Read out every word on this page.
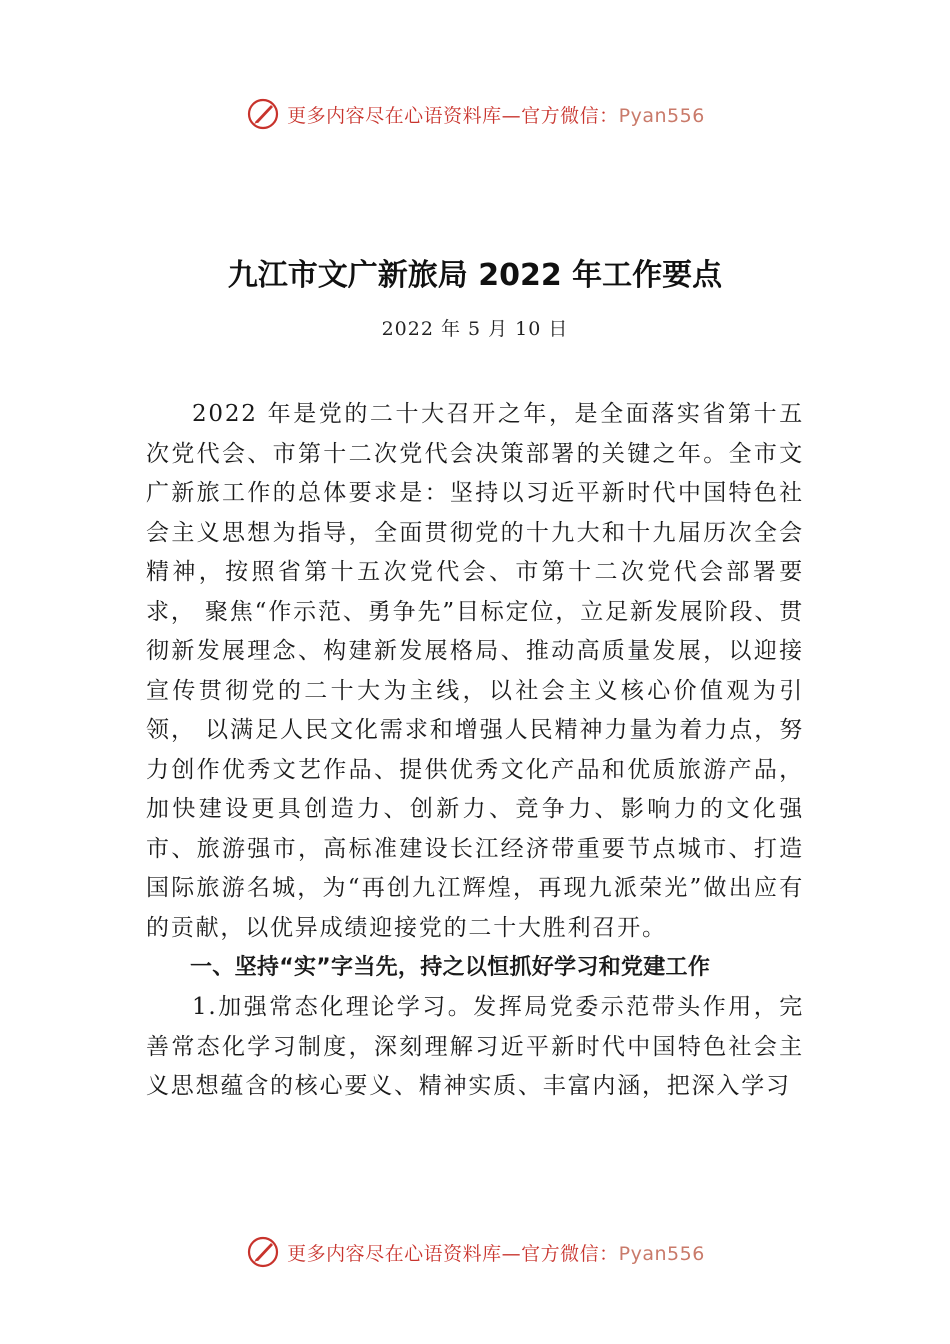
更多内容尽在心语资料库—官方微信：Pyan556
九江市文广新旅局 2022 年工作要点
2022 年 5 月 10 日

2022 年是党的二十大召开之年，是全面落实省第十五次党代会、市第十二次党代会决策部署的关键之年。全市文广新旅工作的总体要求是：坚持以习近平新时代中国特色社会主义思想为指导，全面贯彻党的十九大和十九届历次全会精神，按照省第十五次党代会、市第十二次党代会部署要求， 聚焦“作示范、勇争先”目标定位，立足新发展阶段、贯彻新发展理念、构建新发展格局、推动高质量发展，以迎接宣传贯彻党的二十大为主线，以社会主义核心价值观为引领， 以满足人民文化需求和增强人民精神力量为着力点，努力创作优秀文艺作品、提供优秀文化产品和优质旅游产品，加快建设更具创造力、创新力、竞争力、影响力的文化强市、旅游强市，高标准建设长江经济带重要节点城市、打造国际旅游名城，为“再创九江辉煌，再现九派荣光”做出应有的贡献，以优异成绩迎接党的二十大胜利召开。

一、坚持“实”字当先，持之以恒抓好学习和党建工作

1.加强常态化理论学习。发挥局党委示范带头作用，完善常态化学习制度，深刻理解习近平新时代中国特色社会主义思想蕴含的核心要义、精神实质、丰富内涵，把深入学习

更多内容尽在心语资料库—官方微信：Pyan556
